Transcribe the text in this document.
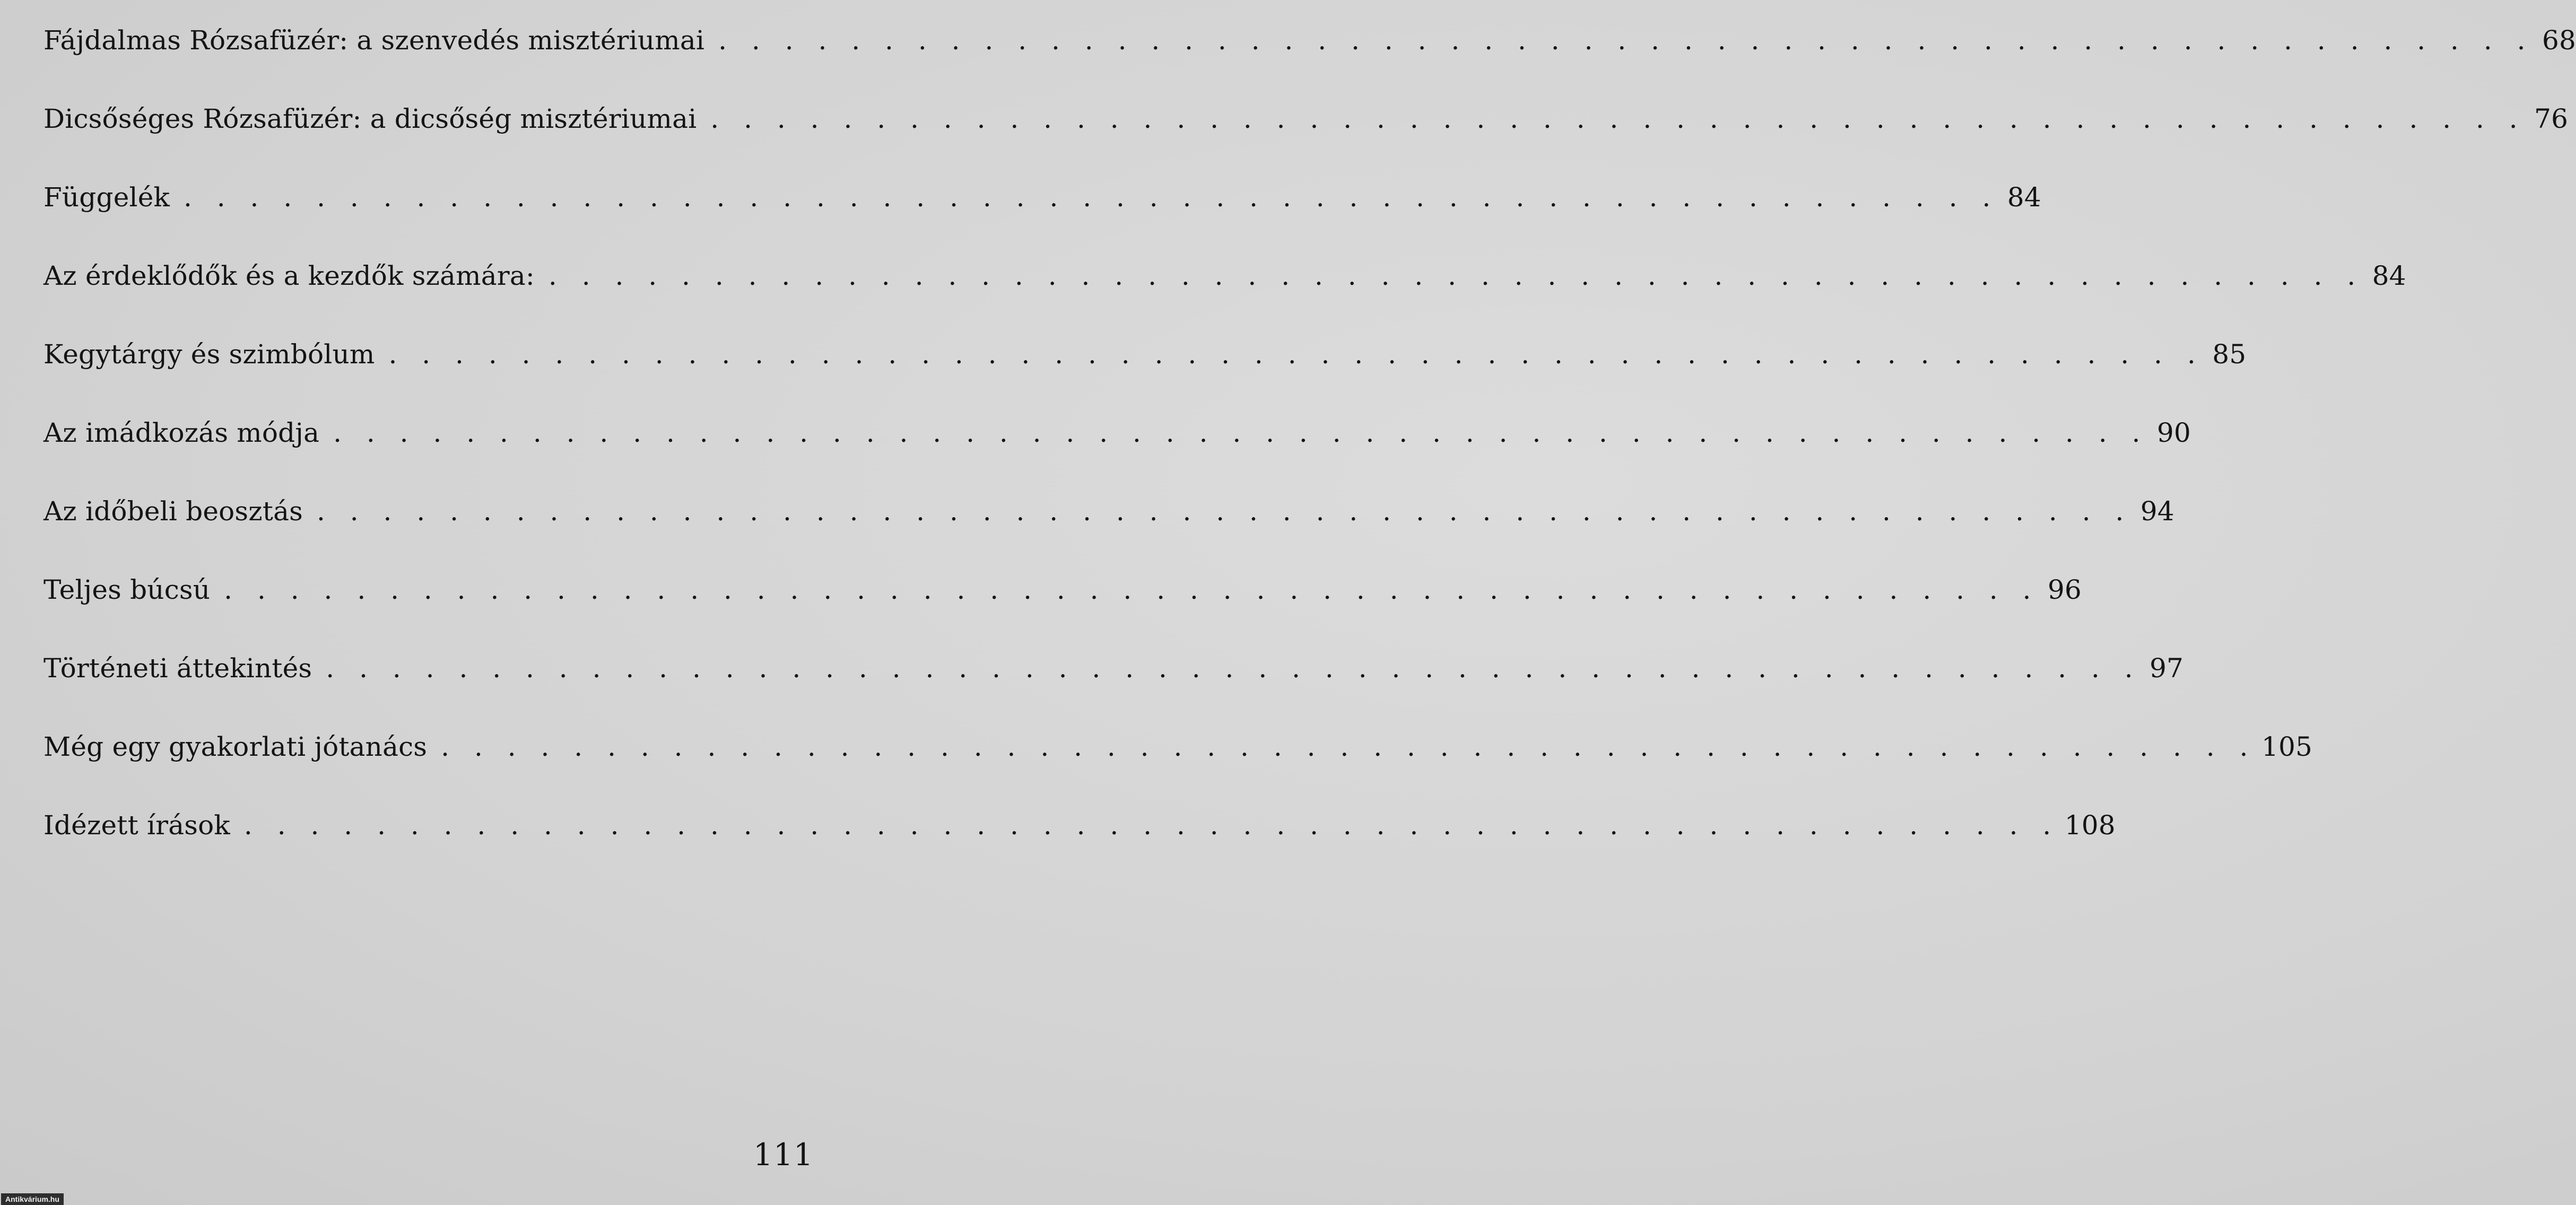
Fájdalmas Rózsafüzér: a szenvedés misztériumai . . . . . . . . . . . . . . . . . . . . . . . . . . . . . . . . . . . . . . . . . . . . . . . . . . . . . . . 68
Dicsőséges Rózsafüzér: a dicsőség misztériumai . . . . . . . . . . . . . . . . . . . . . . . . . . . . . . . . . . . . . . . . . . . . . . . . . . . . . . . 76
Függelék . . . . . . . . . . . . . . . . . . . . . . . . . . . . . . . . . . . . . . . . . . . . . . . . . . . . . . . 84
Az érdeklődők és a kezdők számára: . . . . . . . . . . . . . . . . . . . . . . . . . . . . . . . . . . . . . . . . . . . . . . . . . . . . . . . 84
Kegytárgy és szimbólum . . . . . . . . . . . . . . . . . . . . . . . . . . . . . . . . . . . . . . . . . . . . . . . . . . . . . . . 85
Az imádkozás módja . . . . . . . . . . . . . . . . . . . . . . . . . . . . . . . . . . . . . . . . . . . . . . . . . . . . . . . 90
Az időbeli beosztás . . . . . . . . . . . . . . . . . . . . . . . . . . . . . . . . . . . . . . . . . . . . . . . . . . . . . . . 94
Teljes búcsú . . . . . . . . . . . . . . . . . . . . . . . . . . . . . . . . . . . . . . . . . . . . . . . . . . . . . . . 96
Történeti áttekintés . . . . . . . . . . . . . . . . . . . . . . . . . . . . . . . . . . . . . . . . . . . . . . . . . . . . . . . 97
Még egy gyakorlati jótanács . . . . . . . . . . . . . . . . . . . . . . . . . . . . . . . . . . . . . . . . . . . . . . . . . . . . . . . 105
Idézett írások . . . . . . . . . . . . . . . . . . . . . . . . . . . . . . . . . . . . . . . . . . . . . . . . . . . . . . . 108
111
Antikvárium.hu
